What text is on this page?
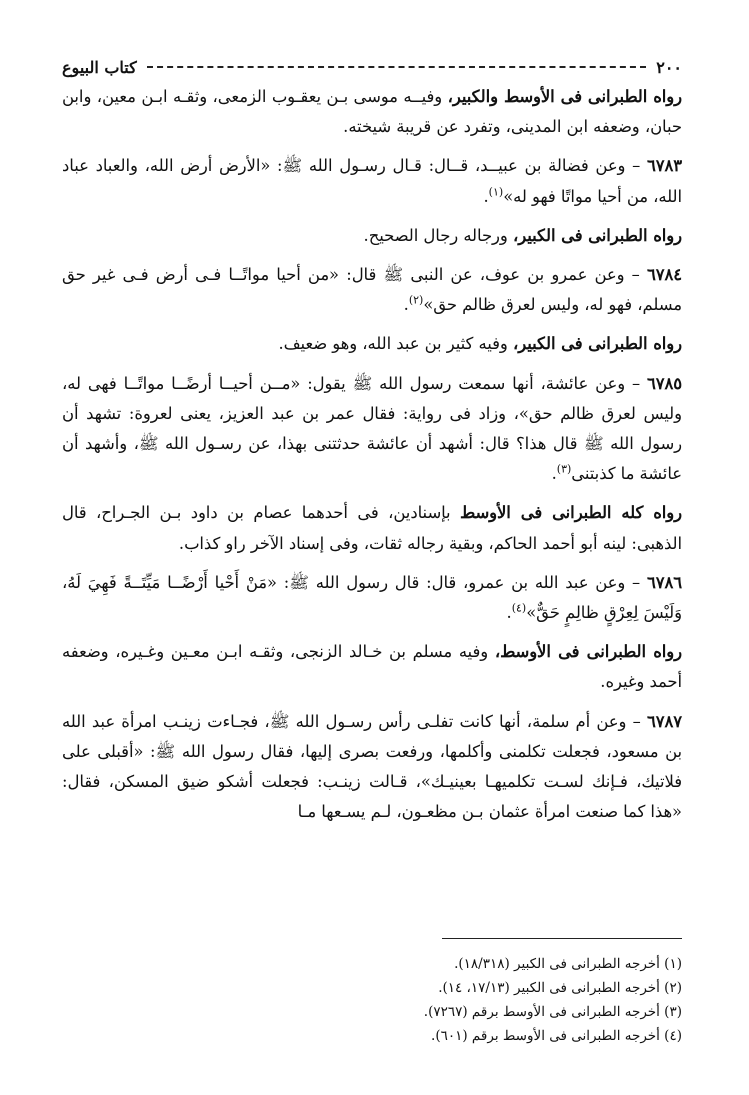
٢٠٠
كتاب البيوع

رواه الطبرانى فى الأوسط والكبير، وفيــه موسى بـن يعقـوب الزمعى، وثقـه ابـن معين، وابن حبان، وضعفه ابن المدينى، وتفرد عن قريبة شيخته.

٦٧٨٣ – وعن فضالة بن عبيــد، قــال: قـال رسـول الله ﷺ: «الأرض أرض الله، والعباد عباد الله، من أحيا مواتًا فهو له»$^{(١)}$.

رواه الطبرانى فى الكبير، ورجاله رجال الصحيح.

٦٧٨٤ – وعن عمرو بن عوف، عن النبى ﷺ قال: «من أحيا مواتًــا فـى أرض فـى غير حق مسلم، فهو له، وليس لعرق ظالم حق»$^{(٢)}$.

رواه الطبرانى فى الكبير، وفيه كثير بن عبد الله، وهو ضعيف.

٦٧٨٥ – وعن عائشة، أنها سمعت رسول الله ﷺ يقول: «مــن أحيــا أرضًــا مواتًــا فهى له، وليس لعرق ظالم حق»، وزاد فى رواية: فقال عمر بن عبد العزيز، يعنى لعروة: تشهد أن رسول الله ﷺ قال هذا؟ قال: أشهد أن عائشة حدثتنى بهذا، عن رسـول الله ﷺ، وأشهد أن عائشة ما كذبتنى$^{(٣)}$.

رواه كله الطبرانى فى الأوسط بإسنادين، فى أحدهما عصام بن داود بـن الجـراح، قال الذهبى: لينه أبو أحمد الحاكم، وبقية رجاله ثقات، وفى إسناد الآخر راو كذاب.

٦٧٨٦ – وعن عبد الله بن عمرو، قال: قال رسول الله ﷺ: «مَنْ أَحْيا أَرْضًــا مَيِّتَــةً فَهِيَ لَهُ، وَلَيْسَ لِعِرْقٍ ظالِمٍ حَقٌّ»$^{(٤)}$.

رواه الطبرانى فى الأوسط، وفيه مسلم بن خـالد الزنجى، وثقـه ابـن معـين وغـيره، وضعفه أحمد وغيره.

٦٧٨٧ – وعن أم سلمة، أنها كانت تفلـى رأس رسـول الله ﷺ، فجـاءت زينـب امرأة عبد الله بن مسعود، فجعلت تكلمنى وأكلمها، ورفعت بصرى إليها، فقال رسول الله ﷺ: «أقبلى على فلاتيك، فـإنك لسـت تكلميهـا بعينيـك»، قـالت زينـب: فجعلت أشكو ضيق المسكن، فقال: «هذا كما صنعت امرأة عثمان بـن مظعـون، لـم يسـعها مـا

(١) أخرجه الطبرانى فى الكبير (١٨/٣١٨).
(٢) أخرجه الطبرانى فى الكبير (١٧/١٣، ١٤).
(٣) أخرجه الطبرانى فى الأوسط برقم (٧٢٦٧).
(٤) أخرجه الطبرانى فى الأوسط برقم (٦٠١).
